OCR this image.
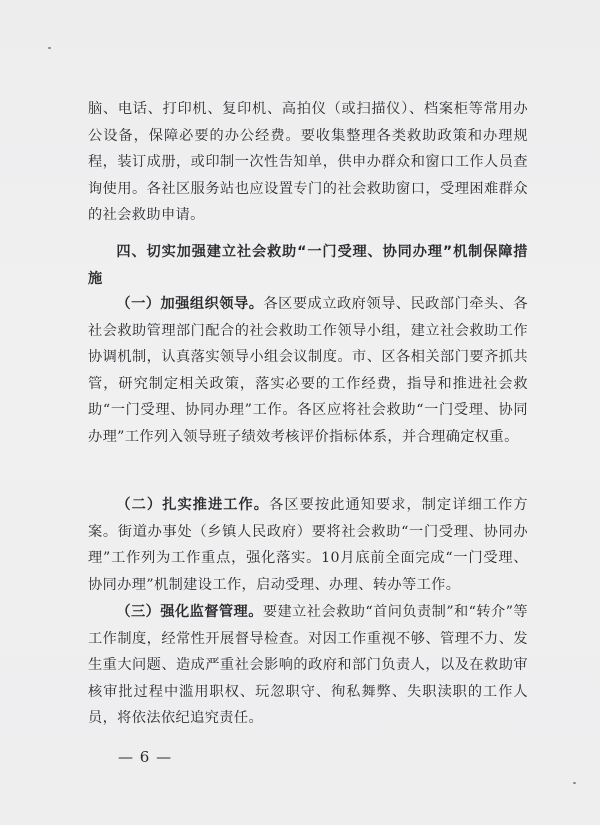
脑、电话、打印机、复印机、高拍仪（或扫描仪）、档案柜等常用办公设备，保障必要的办公经费。要收集整理各类救助政策和办理规程，装订成册，或印制一次性告知单，供申办群众和窗口工作人员查询使用。各社区服务站也应设置专门的社会救助窗口，受理困难群众的社会救助申请。

四、切实加强建立社会救助“一门受理、协同办理”机制保障措施

（一）加强组织领导。各区要成立政府领导、民政部门牵头、各社会救助管理部门配合的社会救助工作领导小组，建立社会救助工作协调机制，认真落实领导小组会议制度。市、区各相关部门要齐抓共管，研究制定相关政策，落实必要的工作经费，指导和推进社会救助“一门受理、协同办理”工作。各区应将社会救助“一门受理、协同办理”工作列入领导班子绩效考核评价指标体系，并合理确定权重。

（二）扎实推进工作。各区要按此通知要求，制定详细工作方案。街道办事处（乡镇人民政府）要将社会救助“一门受理、协同办理”工作列为工作重点，强化落实。10月底前全面完成“一门受理、协同办理”机制建设工作，启动受理、办理、转办等工作。

（三）强化监督管理。要建立社会救助“首问负责制”和“转介”等工作制度，经常性开展督导检查。对因工作重视不够、管理不力、发生重大问题、造成严重社会影响的政府和部门负责人，以及在救助审核审批过程中滥用职权、玩忽职守、徇私舞弊、失职渎职的工作人员，将依法依纪追究责任。

— 6 —
